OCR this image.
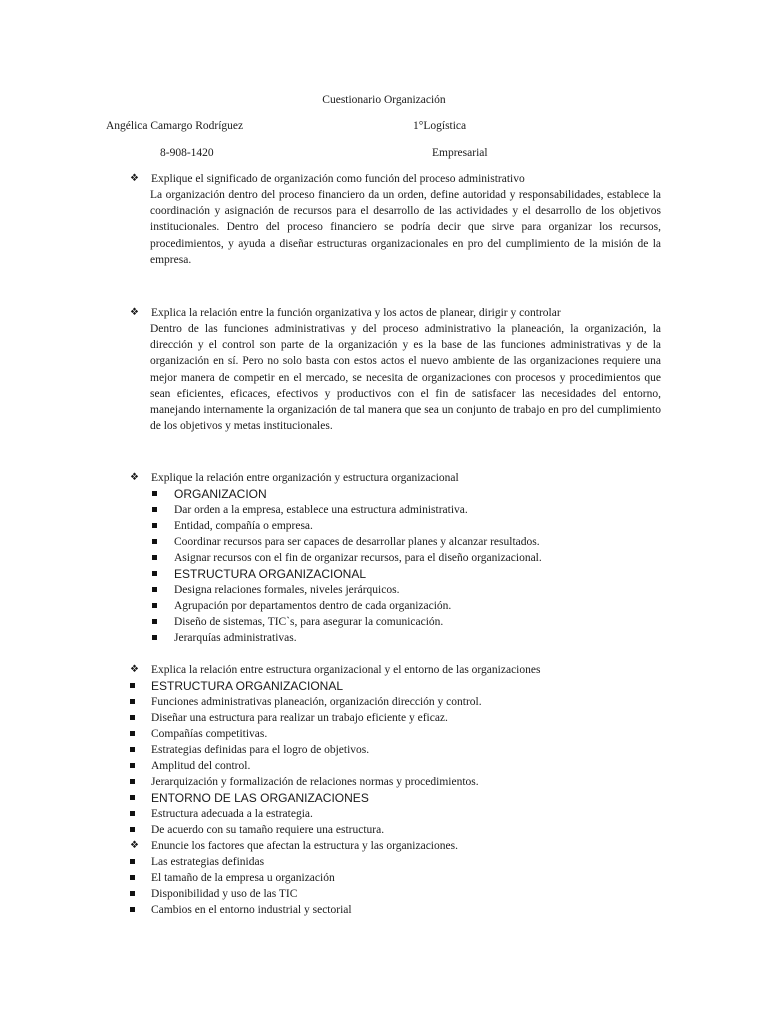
Cuestionario Organización
Angélica Camargo Rodríguez	1°Logística
8-908-1420	Empresarial
❖	Explique el significado de organización como función del proceso administrativo
La organización dentro del proceso financiero da un orden, define autoridad y responsabilidades, establece la coordinación y asignación de recursos para el desarrollo de las actividades y el desarrollo de los objetivos institucionales. Dentro del proceso financiero se podría decir que sirve para organizar los recursos, procedimientos, y ayuda a diseñar estructuras organizacionales en pro del cumplimiento de la misión de la empresa.
❖	Explica la relación entre la función organizativa y los actos de planear, dirigir y controlar
Dentro de las funciones administrativas y del proceso administrativo la planeación, la organización, la dirección y el control son parte de la organización y es la base de las funciones administrativas y de la organización en sí. Pero no solo basta con estos actos el nuevo ambiente de las organizaciones requiere una mejor manera de competir en el mercado, se necesita de organizaciones con procesos y procedimientos que sean eficientes, eficaces, efectivos y productivos con el fin de satisfacer las necesidades del entorno, manejando internamente la organización de tal manera que sea un conjunto de trabajo en pro del cumplimiento de los objetivos y metas institucionales.
❖	Explique la relación entre organización y estructura organizacional
ORGANIZACION
Dar orden a la empresa, establece una estructura administrativa.
Entidad, compañía o empresa.
Coordinar recursos para ser capaces de desarrollar planes y alcanzar resultados.
Asignar recursos con el fin de organizar recursos, para el diseño organizacional.
ESTRUCTURA ORGANIZACIONAL
Designa relaciones formales, niveles jerárquicos.
Agrupación por departamentos dentro de cada organización.
Diseño de sistemas, TIC`s, para asegurar la comunicación.
Jerarquías administrativas.
❖	Explica la relación entre estructura organizacional y el entorno de las organizaciones
ESTRUCTURA ORGANIZACIONAL
Funciones administrativas planeación, organización dirección y control.
Diseñar una estructura para realizar un trabajo eficiente y eficaz.
Compañías competitivas.
Estrategias definidas para el logro de objetivos.
Amplitud del control.
Jerarquización y formalización de relaciones normas y procedimientos.
ENTORNO DE LAS ORGANIZACIONES
Estructura adecuada a la estrategia.
De acuerdo con su tamaño requiere una estructura.
❖	Enuncie los factores que afectan la estructura y las organizaciones.
Las estrategias definidas
El tamaño de la empresa u organización
Disponibilidad y uso de las TIC
Cambios en el entorno industrial y sectorial
